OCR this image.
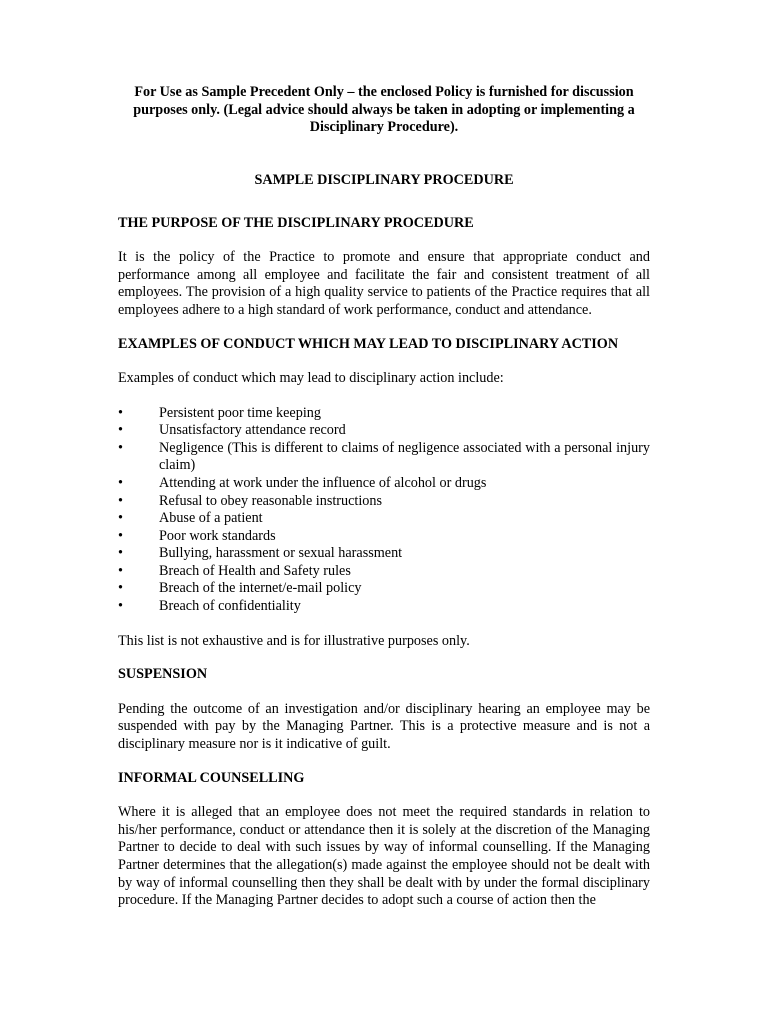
For Use as Sample Precedent Only – the enclosed Policy is furnished for discussion purposes only. (Legal advice should always be taken in adopting or implementing a Disciplinary Procedure).

SAMPLE DISCIPLINARY PROCEDURE

THE PURPOSE OF THE DISCIPLINARY PROCEDURE

It is the policy of the Practice to promote and ensure that appropriate conduct and performance among all employee and facilitate the fair and consistent treatment of all employees. The provision of a high quality service to patients of the Practice requires that all employees adhere to a high standard of work performance, conduct and attendance.

EXAMPLES OF CONDUCT WHICH MAY LEAD TO DISCIPLINARY ACTION

Examples of conduct which may lead to disciplinary action include:

•	Persistent poor time keeping
•	Unsatisfactory attendance record
•	Negligence (This is different to claims of negligence associated with a personal injury claim)
•	Attending at work under the influence of alcohol or drugs
•	Refusal to obey reasonable instructions
•	Abuse of a patient
•	Poor work standards
•	Bullying, harassment or sexual harassment
•	Breach of Health and Safety rules
•	Breach of the internet/e-mail policy
•	Breach of confidentiality

This list is not exhaustive and is for illustrative purposes only.

SUSPENSION

Pending the outcome of an investigation and/or disciplinary hearing an employee may be suspended with pay by the Managing Partner. This is a protective measure and is not a disciplinary measure nor is it indicative of guilt.

INFORMAL COUNSELLING

Where it is alleged that an employee does not meet the required standards in relation to his/her performance, conduct or attendance then it is solely at the discretion of the Managing Partner to decide to deal with such issues by way of informal counselling. If the Managing Partner determines that the allegation(s) made against the employee should not be dealt with by way of informal counselling then they shall be dealt with by under the formal disciplinary procedure. If the Managing Partner decides to adopt such a course of action then the
